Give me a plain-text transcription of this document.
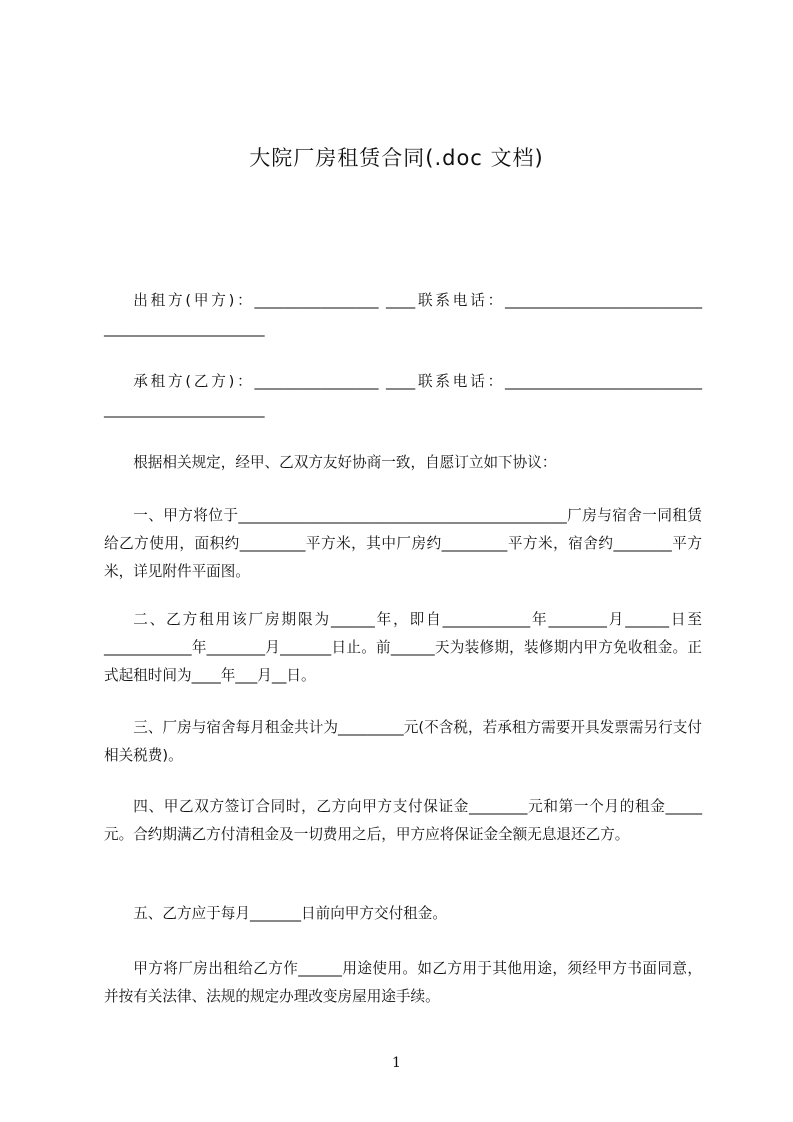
大院厂房租赁合同(.doc 文档)

出租方(甲方)：_________________ ____联系电话：___________________________ ______________________

承租方(乙方)：_________________ ____联系电话：___________________________ ______________________

根据相关规定，经甲、乙双方友好协商一致，自愿订立如下协议：

一、甲方将位于_____________________________________________厂房与宿舍一同租赁给乙方使用，面积约_________平方米，其中厂房约_________平方米，宿舍约________平方米，详见附件平面图。

二、乙方租用该厂房期限为______年，即自____________年________月______日至____________年________月_______日止。前______天为装修期，装修期内甲方免收租金。正式起租时间为____年___月__日。

三、厂房与宿舍每月租金共计为_________元(不含税，若承租方需要开具发票需另行支付相关税费)。

四、甲乙双方签订合同时，乙方向甲方支付保证金________元和第一个月的租金_____元。合约期满乙方付清租金及一切费用之后，甲方应将保证金全额无息退还乙方。

五、乙方应于每月_______日前向甲方交付租金。

甲方将厂房出租给乙方作______用途使用。如乙方用于其他用途，须经甲方书面同意，并按有关法律、法规的规定办理改变房屋用途手续。

1
